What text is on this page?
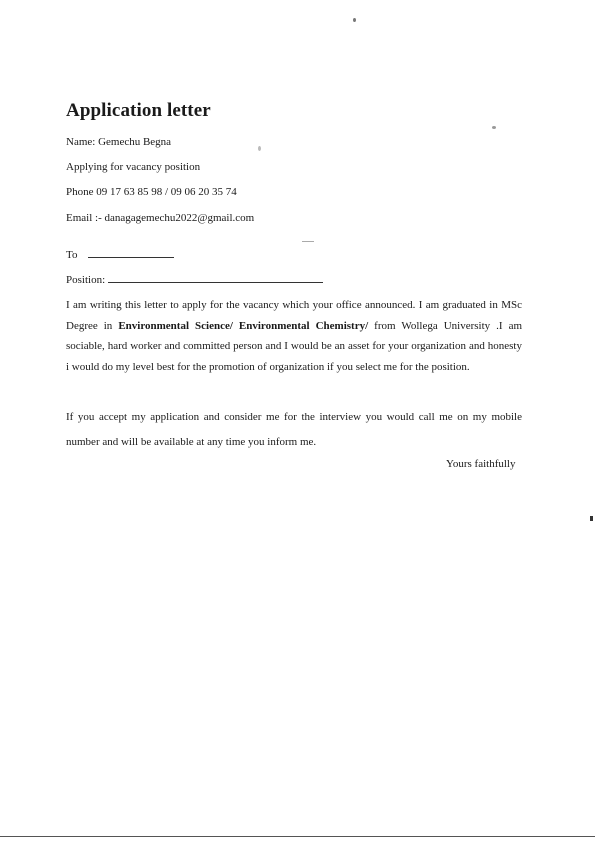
Application letter
Name: Gemechu Begna
Applying for vacancy position
Phone 09 17 63 85 98 / 09 06 20 35 74
Email :- danagagemechu2022@gmail.com
To
Position:
I am writing this letter to apply for the vacancy which your office announced. I am graduated in MSc Degree in Environmental Science/ Environmental Chemistry/ from Wollega University .I am sociable, hard worker and committed person and I would be an asset for your organization and honesty i would do my level best for the promotion of organization if you select me for the position.
If you accept my application and consider me for the interview you would call me on my mobile number and will be available at any time you inform me.
Yours faithfully
